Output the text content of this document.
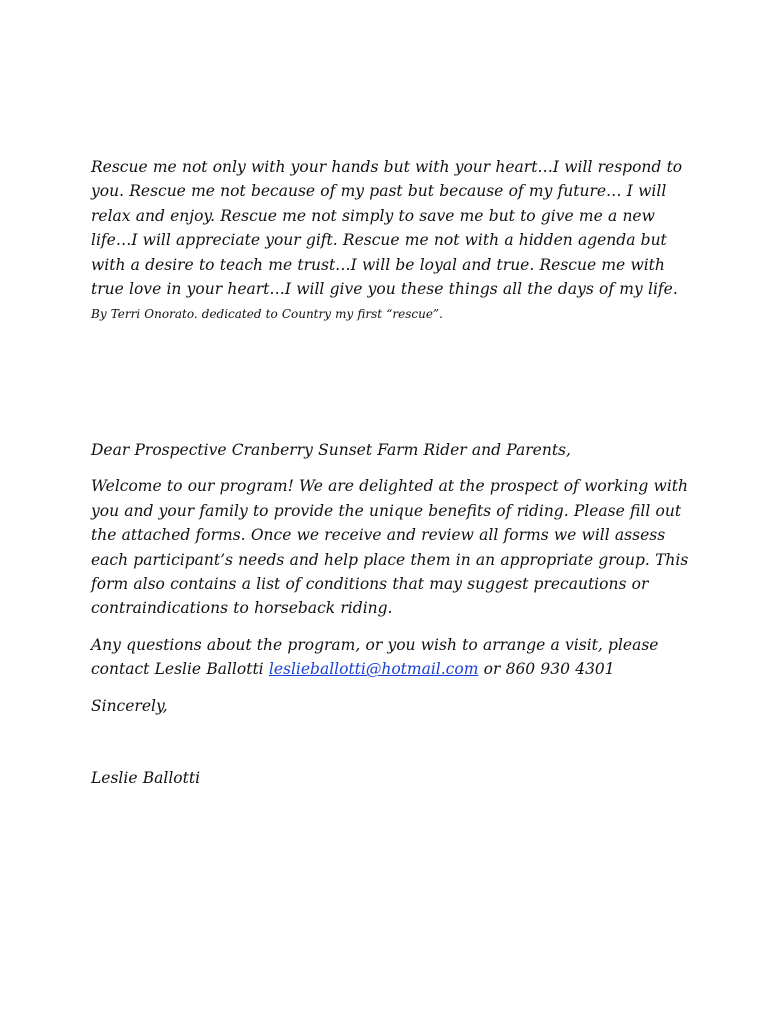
Rescue me not only with your hands but with your heart…I will respond to you. Rescue me not because of my past but because of my future… I will relax and enjoy. Rescue me not simply to save me but to give me a new life…I will appreciate your gift. Rescue me not with a hidden agenda but with a desire to teach me trust…I will be loyal and true. Rescue me with true love in your heart…I will give you these things all the days of my life. By Terri Onorato. dedicated to Country my first “rescue”.

Dear Prospective Cranberry Sunset Farm Rider and Parents,

Welcome to our program! We are delighted at the prospect of working with you and your family to provide the unique benefits of riding. Please fill out the attached forms. Once we receive and review all forms we will assess each participant’s needs and help place them in an appropriate group. This form also contains a list of conditions that may suggest precautions or contraindications to horseback riding.

Any questions about the program, or you wish to arrange a visit, please contact Leslie Ballotti leslieballotti@hotmail.com or 860 930 4301

Sincerely,

Leslie Ballotti
